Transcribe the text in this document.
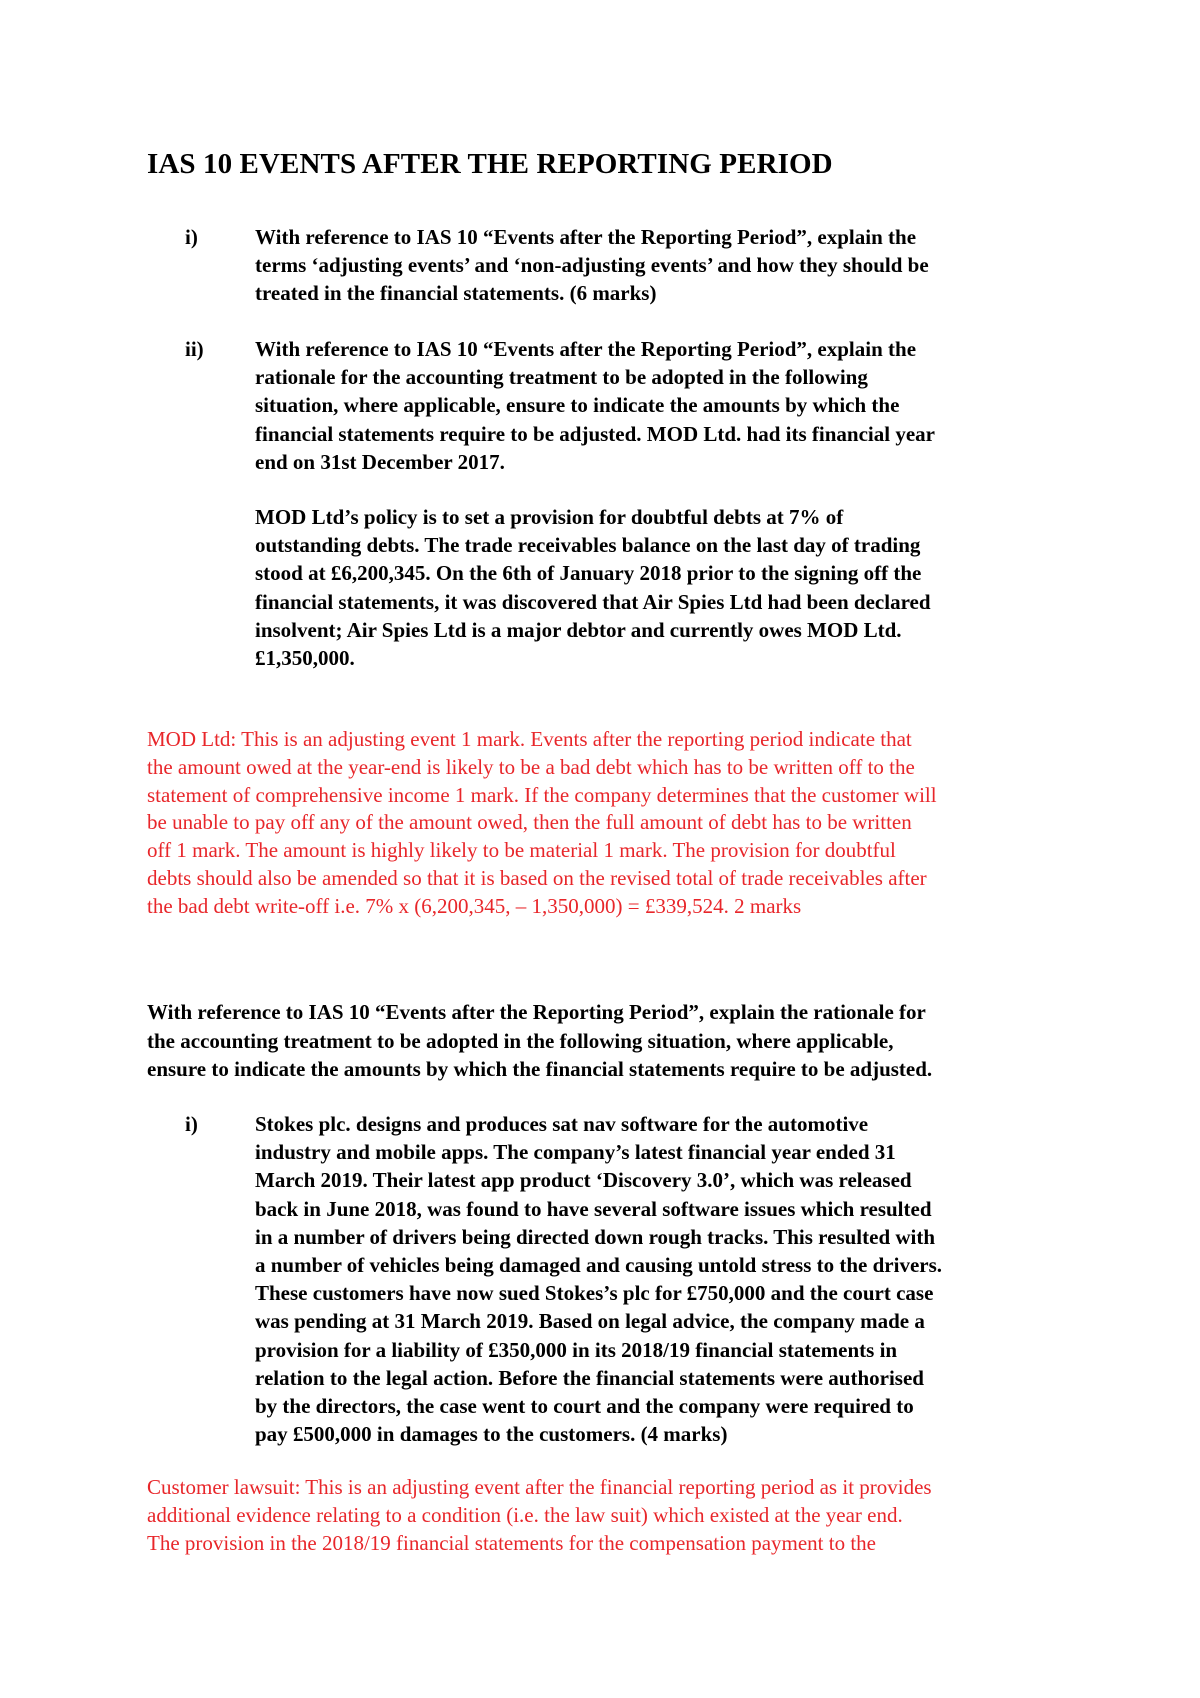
IAS 10 EVENTS AFTER THE REPORTING PERIOD
i)	With reference to IAS 10 “Events after the Reporting Period”, explain the
terms ‘adjusting events’ and ‘non-adjusting events’ and how they should be
treated in the financial statements. (6 marks)
ii) With reference to IAS 10 “Events after the Reporting Period”, explain the
rationale for the accounting treatment to be adopted in the following
situation, where applicable, ensure to indicate the amounts by which the
financial statements require to be adjusted. MOD Ltd. had its financial year
end on 31st December 2017.
MOD Ltd’s policy is to set a provision for doubtful debts at 7% of
outstanding debts. The trade receivables balance on the last day of trading
stood at £6,200,345. On the 6th of January 2018 prior to the signing off the
financial statements, it was discovered that Air Spies Ltd had been declared
insolvent; Air Spies Ltd is a major debtor and currently owes MOD Ltd.
£1,350,000.
MOD Ltd: This is an adjusting event 1 mark. Events after the reporting period indicate that
the amount owed at the year-end is likely to be a bad debt which has to be written off to the
statement of comprehensive income 1 mark. If the company determines that the customer will
be unable to pay off any of the amount owed, then the full amount of debt has to be written
off 1 mark. The amount is highly likely to be material 1 mark. The provision for doubtful
debts should also be amended so that it is based on the revised total of trade receivables after
the bad debt write-off i.e. 7% x (6,200,345, – 1,350,000) = £339,524. 2 marks
With reference to IAS 10 “Events after the Reporting Period”, explain the rationale for
the accounting treatment to be adopted in the following situation, where applicable,
ensure to indicate the amounts by which the financial statements require to be adjusted.
i)	Stokes plc. designs and produces sat nav software for the automotive
industry and mobile apps. The company’s latest financial year ended 31
March 2019. Their latest app product ‘Discovery 3.0’, which was released
back in June 2018, was found to have several software issues which resulted
in a number of drivers being directed down rough tracks. This resulted with
a number of vehicles being damaged and causing untold stress to the drivers.
These customers have now sued Stokes’s plc for £750,000 and the court case
was pending at 31 March 2019. Based on legal advice, the company made a
provision for a liability of £350,000 in its 2018/19 financial statements in
relation to the legal action. Before the financial statements were authorised
by the directors, the case went to court and the company were required to
pay £500,000 in damages to the customers. (4 marks)
Customer lawsuit: This is an adjusting event after the financial reporting period as it provides
additional evidence relating to a condition (i.e. the law suit) which existed at the year end.
The provision in the 2018/19 financial statements for the compensation payment to the
